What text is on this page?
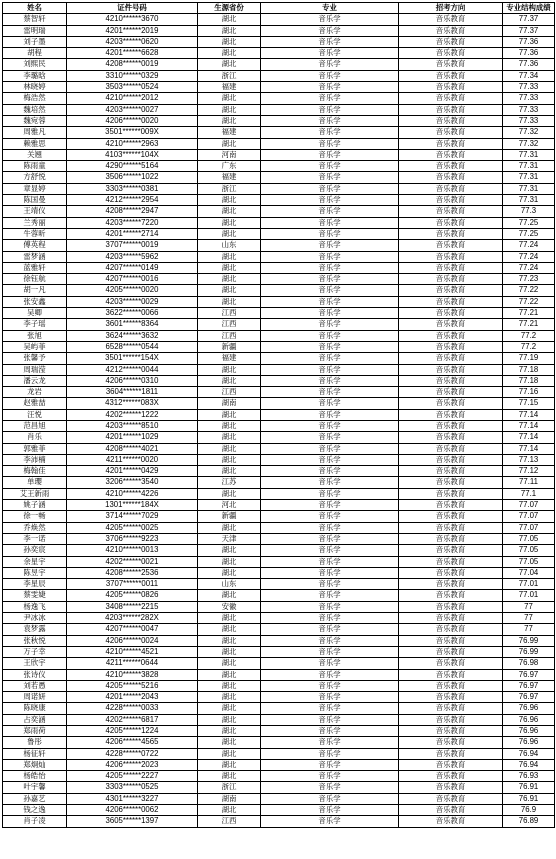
姓名	证件号码	生源省份	专业	招考方向	专业结构成绩
蔡智轩	4210******3670	湖北	音乐学	音乐教育	77.37
雷明瑞	4201******2019	湖北	音乐学	音乐教育	77.37
刘子墨	4203******0620	湖北	音乐学	音乐教育	77.36
胡程	4201******6628	湖北	音乐学	音乐教育	77.36
刘熙民	4208******0019	湖北	音乐学	音乐教育	77.36
李璐晗	3310******0329	浙江	音乐学	音乐教育	77.34
林晓婷	3503******0524	福建	音乐学	音乐教育	77.33
梅浩然	4210******2012	湖北	音乐学	音乐教育	77.33
魏培然	4203******0027	湖北	音乐学	音乐教育	77.33
魏宛蓉	4206******0020	湖北	音乐学	音乐教育	77.33
周雅凡	3501******009X	福建	音乐学	音乐教育	77.32
赖雅思	4210******2963	湖北	音乐学	音乐教育	77.32
关翘	4103******104X	河南	音乐学	音乐教育	77.31
陈雨童	4290******5164	广东	音乐学	音乐教育	77.31
方舒悦	3506******1022	福建	音乐学	音乐教育	77.31
章显婷	3303******0381	浙江	音乐学	音乐教育	77.31
陈国曼	4212******2954	湖北	音乐学	音乐教育	77.31
王靖仪	4208******2947	湖北	音乐学	音乐教育	77.3
兰秀丽	4203******7220	湖北	音乐学	音乐教育	77.25
牛蓉昕	4201******2714	湖北	音乐学	音乐教育	77.25
傅英程	3707******0019	山东	音乐学	音乐教育	77.24
雷梦涵	4203******5962	湖北	音乐学	音乐教育	77.24
蓝雅轩	4207******0149	湖北	音乐学	音乐教育	77.24
徐钰航	4207******0016	湖北	音乐学	音乐教育	77.23
胡一凡	4205******0020	湖北	音乐学	音乐教育	77.22
张安鑫	4203******0029	湖北	音乐学	音乐教育	77.22
吴卿	3622******0066	江西	音乐学	音乐教育	77.21
李子瑶	3601******8364	江西	音乐学	音乐教育	77.21
张旭	3624******3632	江西	音乐学	音乐教育	77.2
吴屿菲	6528******0544	新疆	音乐学	音乐教育	77.2
张馨予	3501******154X	福建	音乐学	音乐教育	77.19
周瑞滢	4212******0044	湖北	音乐学	音乐教育	77.18
潘云龙	4206******0310	湖北	音乐学	音乐教育	77.18
龙岩	3604******1811	江西	音乐学	音乐教育	77.16
赵雅喆	4312******083X	湖南	音乐学	音乐教育	77.15
汪悦	4202******1222	湖北	音乐学	音乐教育	77.14
范昌旭	4203******8510	湖北	音乐学	音乐教育	77.14
肖乐	4201******1029	湖北	音乐学	音乐教育	77.14
郭雅菲	4208******4021	湖北	音乐学	音乐教育	77.14
李沛楠	4211******0020	湖北	音乐学	音乐教育	77.13
梅翰佳	4201******0429	湖北	音乐学	音乐教育	77.12
单瓔	3206******3540	江苏	音乐学	音乐教育	77.11
艾王新雨	4210******4226	湖北	音乐学	音乐教育	77.1
姚子涵	1301******184X	河北	音乐学	音乐教育	77.07
徐一畅	3714******7029	新疆	音乐学	音乐教育	77.07
乔焕然	4205******0025	湖北	音乐学	音乐教育	77.07
李一诺	3706******9223	天津	音乐学	音乐教育	77.05
孙奕宸	4210******0013	湖北	音乐学	音乐教育	77.05
余星宇	4202******0021	湖北	音乐学	音乐教育	77.05
陈昱宇	4208******2536	湖北	音乐学	音乐教育	77.04
李星辰	3707******0011	山东	音乐学	音乐教育	77.01
蔡雯婕	4205******0826	湖北	音乐学	音乐教育	77.01
杨逸飞	3408******2215	安徽	音乐学	音乐教育	77
尹冰冰	4203******282X	湖北	音乐学	音乐教育	77
袁梦露	4207******0047	湖北	音乐学	音乐教育	77
张秋悦	4206******0024	湖北	音乐学	音乐教育	76.99
万子幸	4210******4521	湖北	音乐学	音乐教育	76.99
王欣宇	4211******0644	湖北	音乐学	音乐教育	76.98
张诗仪	4210******3828	湖北	音乐学	音乐教育	76.97
刘若愚	4205******5216	湖北	音乐学	音乐教育	76.97
周诺妍	4201******2043	湖北	音乐学	音乐教育	76.97
陈晓康	4228******0033	湖北	音乐学	音乐教育	76.96
占奕涵	4202******6817	湖北	音乐学	音乐教育	76.96
郑雨荷	4205******1224	湖北	音乐学	音乐教育	76.96
鲁彤	4206******4565	湖北	音乐学	音乐教育	76.96
杨征轩	4228******0722	湖北	音乐学	音乐教育	76.94
郑炯灿	4206******2023	湖北	音乐学	音乐教育	76.94
杨皓怡	4205******2227	湖北	音乐学	音乐教育	76.93
叶宇馨	3303******0525	浙江	音乐学	音乐教育	76.91
孙嘉艺	4301******3227	湖南	音乐学	音乐教育	76.91
钱之逸	4206******0062	湖北	音乐学	音乐教育	76.9
肖子凌	3605******1397	江西	音乐学	音乐教育	76.89
